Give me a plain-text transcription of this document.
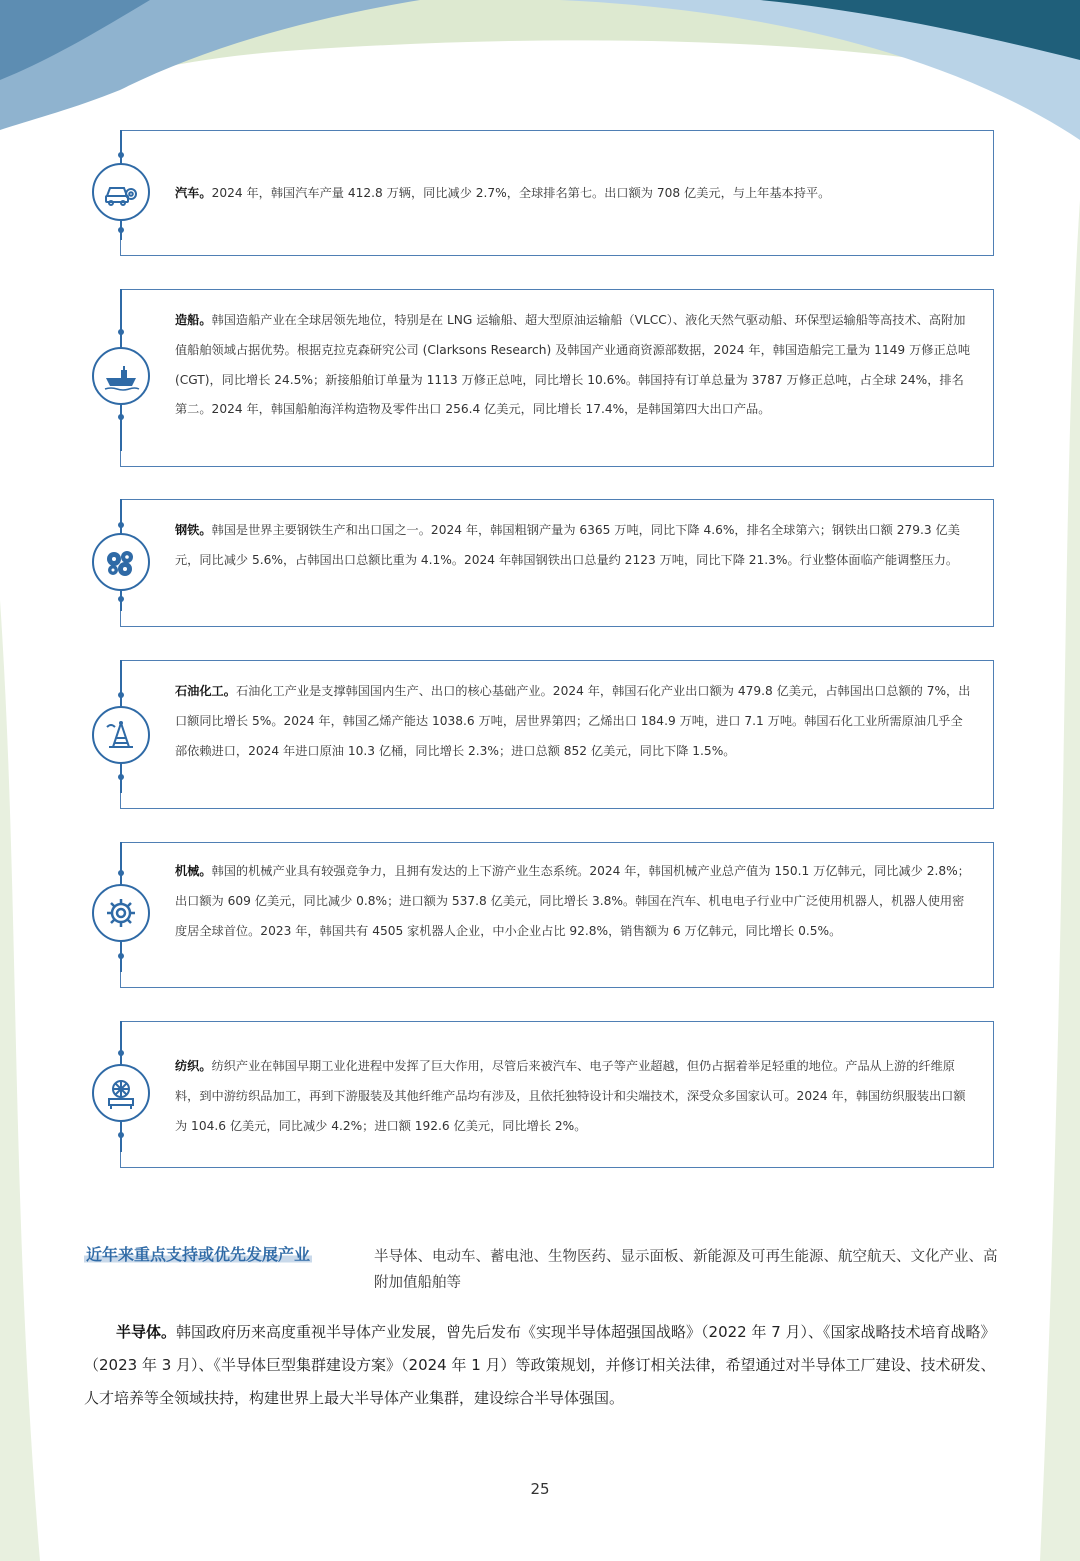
汽车。2024 年，韩国汽车产量 412.8 万辆，同比减少 2.7%，全球排名第七。出口额为 708 亿美元，与上年基本持平。
造船。韩国造船产业在全球居领先地位，特别是在 LNG 运输船、超大型原油运输船（VLCC）、液化天然气驱动船、环保型运输船等高技术、高附加值船舶领域占据优势。根据克拉克森研究公司 (Clarksons Research) 及韩国产业通商资源部数据，2024 年，韩国造船完工量为 1149 万修正总吨 (CGT)，同比增长 24.5%；新接船舶订单量为 1113 万修正总吨，同比增长 10.6%。韩国持有订单总量为 3787 万修正总吨，占全球 24%，排名第二。2024 年，韩国船舶海洋构造物及零件出口 256.4 亿美元，同比增长 17.4%，是韩国第四大出口产品。
钢铁。韩国是世界主要钢铁生产和出口国之一。2024 年，韩国粗钢产量为 6365 万吨，同比下降 4.6%，排名全球第六；钢铁出口额 279.3 亿美元，同比减少 5.6%，占韩国出口总额比重为 4.1%。2024 年韩国钢铁出口总量约 2123 万吨，同比下降 21.3%。行业整体面临产能调整压力。
石油化工。石油化工产业是支撑韩国国内生产、出口的核心基础产业。2024 年，韩国石化产业出口额为 479.8 亿美元，占韩国出口总额的 7%，出口额同比增长 5%。2024 年，韩国乙烯产能达 1038.6 万吨，居世界第四；乙烯出口 184.9 万吨，进口 7.1 万吨。韩国石化工业所需原油几乎全部依赖进口，2024 年进口原油 10.3 亿桶，同比增长 2.3%；进口总额 852 亿美元，同比下降 1.5%。
机械。韩国的机械产业具有较强竞争力，且拥有发达的上下游产业生态系统。2024 年，韩国机械产业总产值为 150.1 万亿韩元，同比减少 2.8%；出口额为 609 亿美元，同比减少 0.8%；进口额为 537.8 亿美元，同比增长 3.8%。韩国在汽车、机电电子行业中广泛使用机器人，机器人使用密度居全球首位。2023 年，韩国共有 4505 家机器人企业，中小企业占比 92.8%，销售额为 6 万亿韩元，同比增长 0.5%。
纺织。纺织产业在韩国早期工业化进程中发挥了巨大作用，尽管后来被汽车、电子等产业超越，但仍占据着举足轻重的地位。产品从上游的纤维原料，到中游纺织品加工，再到下游服装及其他纤维产品均有涉及，且依托独特设计和尖端技术，深受众多国家认可。2024 年，韩国纺织服装出口额为 104.6 亿美元，同比减少 4.2%；进口额 192.6 亿美元，同比增长 2%。
近年来重点支持或优先发展产业	半导体、电动车、蓄电池、生物医药、显示面板、新能源及可再生能源、航空航天、文化产业、高附加值船舶等
半导体。韩国政府历来高度重视半导体产业发展，曾先后发布《实现半导体超强国战略》（2022 年 7 月）、《国家战略技术培育战略》（2023 年 3 月）、《半导体巨型集群建设方案》（2024 年 1 月）等政策规划，并修订相关法律，希望通过对半导体工厂建设、技术研发、人才培养等全领域扶持，构建世界上最大半导体产业集群，建设综合半导体强国。
25
